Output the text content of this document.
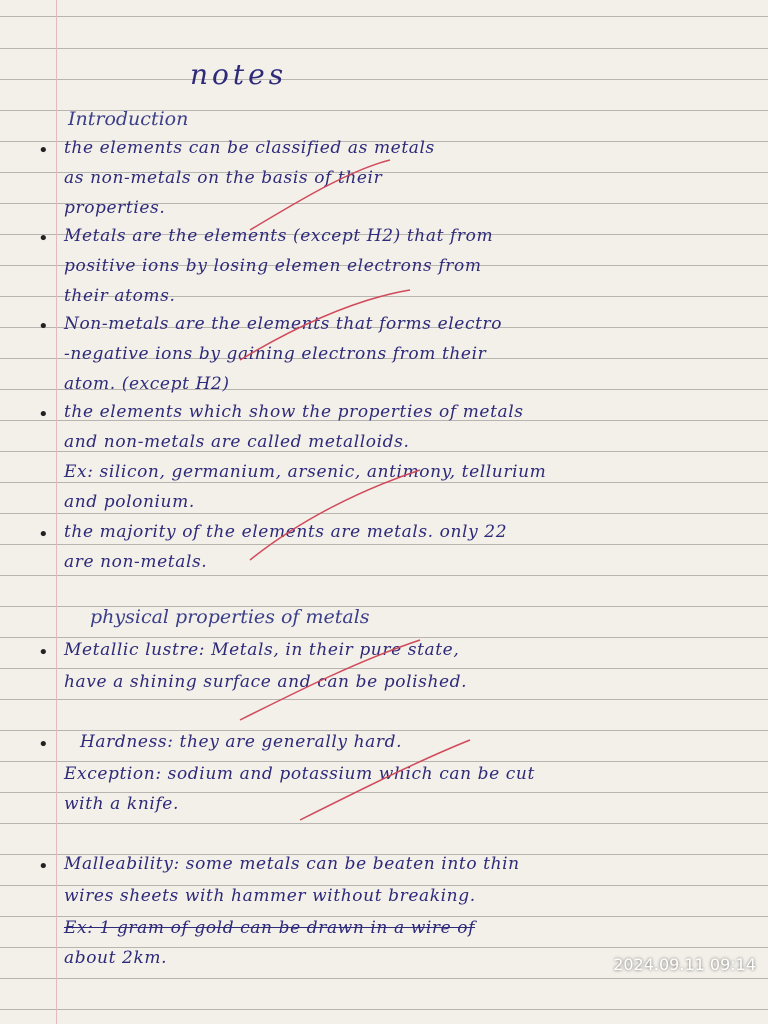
notes
Introduction
• the elements can be classified as metals
as non-metals on the basis of their
properties.
• Metals are the elements (except H2) that from
positive ions by losing elemen electrons from
their atoms.
• Non-metals are the elements that forms electro
-negative ions by gaining electrons from their
atom. (except H2)
• the elements which show the properties of metals
and non-metals are called metalloids.
Ex: silicon, germanium, arsenic, antimony, tellurium
and polonium.
• the majority of the elements are metals. only 22
are non-metals.
physical properties of metals
• Metallic lustre: Metals, in their pure state,
have a shining surface and can be polished.
• Hardness: they are generally hard.
Exception: sodium and potassium which can be cut
with a knife.
• Malleability: some metals can be beaten into thin
wires sheets with hammer without breaking.
Ex: 1 gram of gold can be drawn in a wire of
about 2km.	2024.09.11 09:14
